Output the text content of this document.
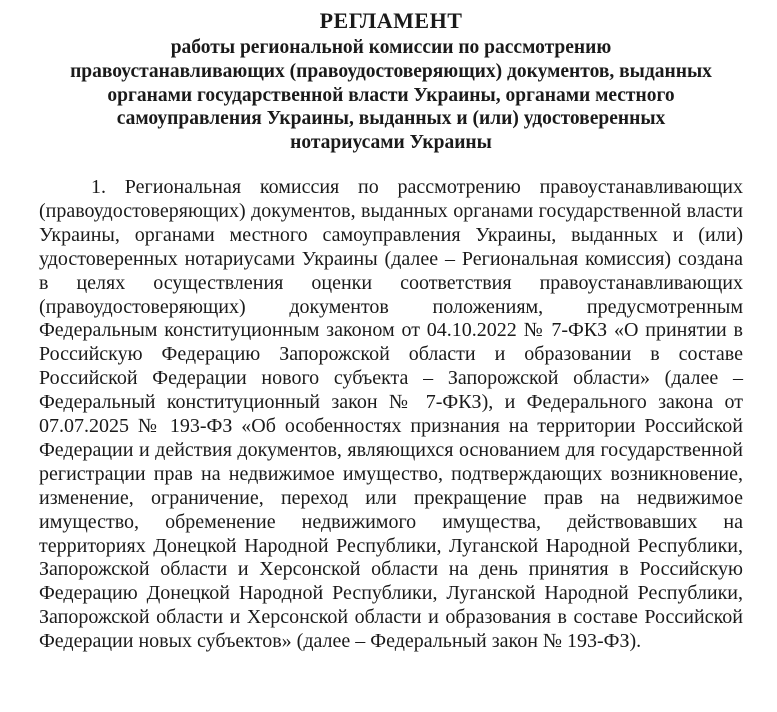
РЕГЛАМЕНТ
работы региональной комиссии по рассмотрению
правоустанавливающих (правоудостоверяющих) документов, выданных
органами государственной власти Украины, органами местного
самоуправления Украины, выданных и (или) удостоверенных
нотариусами Украины

1. Региональная комиссия по рассмотрению правоустанавливающих (правоудостоверяющих) документов, выданных органами государственной власти Украины, органами местного самоуправления Украины, выданных и (или) удостоверенных нотариусами Украины (далее – Региональная комиссия) создана в целях осуществления оценки соответствия правоустанавливающих (правоудостоверяющих) документов положениям, предусмотренным Федеральным конституционным законом от 04.10.2022 № 7-ФКЗ «О принятии в Российскую Федерацию Запорожской области и образовании в составе Российской Федерации нового субъекта – Запорожской области» (далее – Федеральный конституционный закон № 7-ФКЗ), и Федерального закона от 07.07.2025 № 193-ФЗ «Об особенностях признания на территории Российской Федерации и действия документов, являющихся основанием для государственной регистрации прав на недвижимое имущество, подтверждающих возникновение, изменение, ограничение, переход или прекращение прав на недвижимое имущество, обременение недвижимого имущества, действовавших на территориях Донецкой Народной Республики, Луганской Народной Республики, Запорожской области и Херсонской области на день принятия в Российскую Федерацию Донецкой Народной Республики, Луганской Народной Республики, Запорожской области и Херсонской области и образования в составе Российской Федерации новых субъектов» (далее – Федеральный закон № 193-ФЗ).
